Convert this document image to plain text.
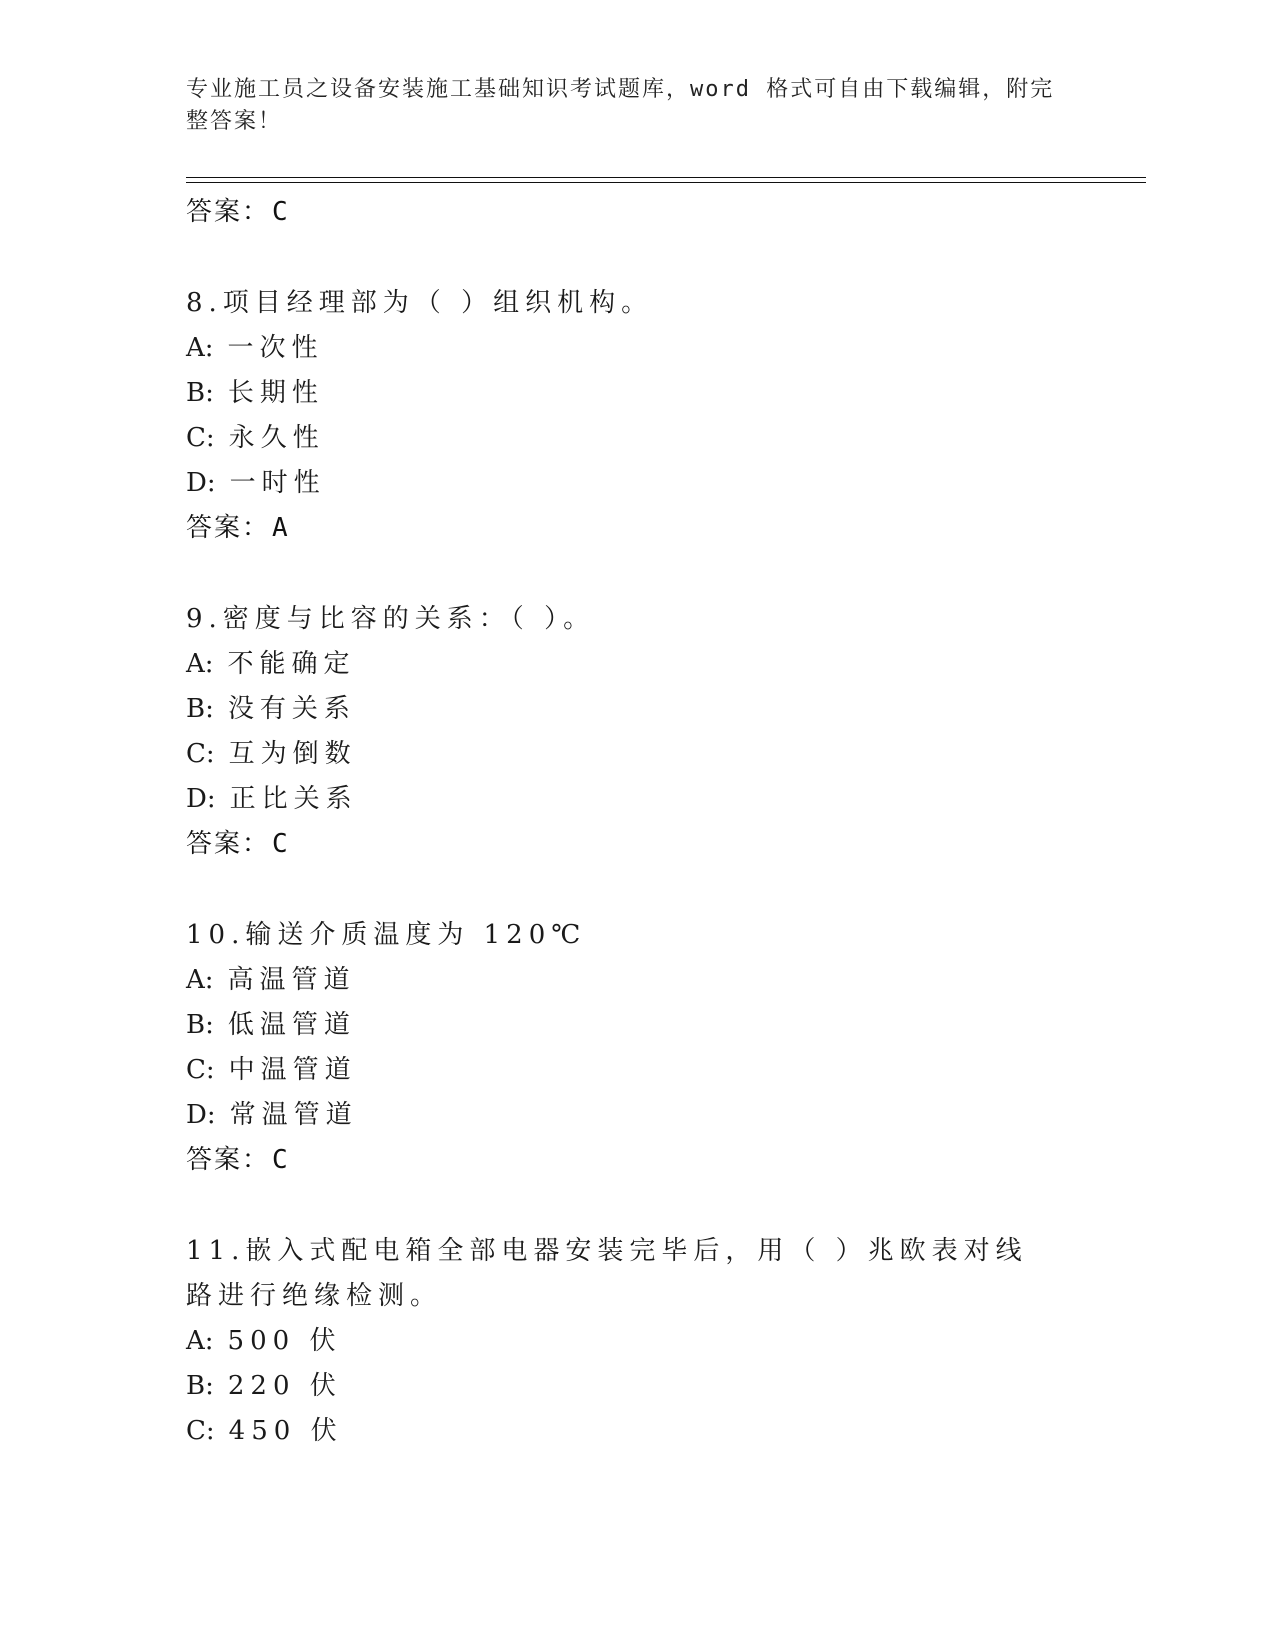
专业施工员之设备安装施工基础知识考试题库，word 格式可自由下载编辑，附完
整答案！
答案：C
8.项目经理部为（ ）组织机构。
A: 一次性
B: 长期性
C: 永久性
D: 一时性
答案：A
9.密度与比容的关系：（ ）。
A: 不能确定
B: 没有关系
C: 互为倒数
D: 正比关系
答案：C
10.输送介质温度为 120℃
A: 高温管道
B: 低温管道
C: 中温管道
D: 常温管道
答案：C
11.嵌入式配电箱全部电器安装完毕后，用（ ）兆欧表对线路进行绝缘检测。
A: 500 伏
B: 220 伏
C: 450 伏
